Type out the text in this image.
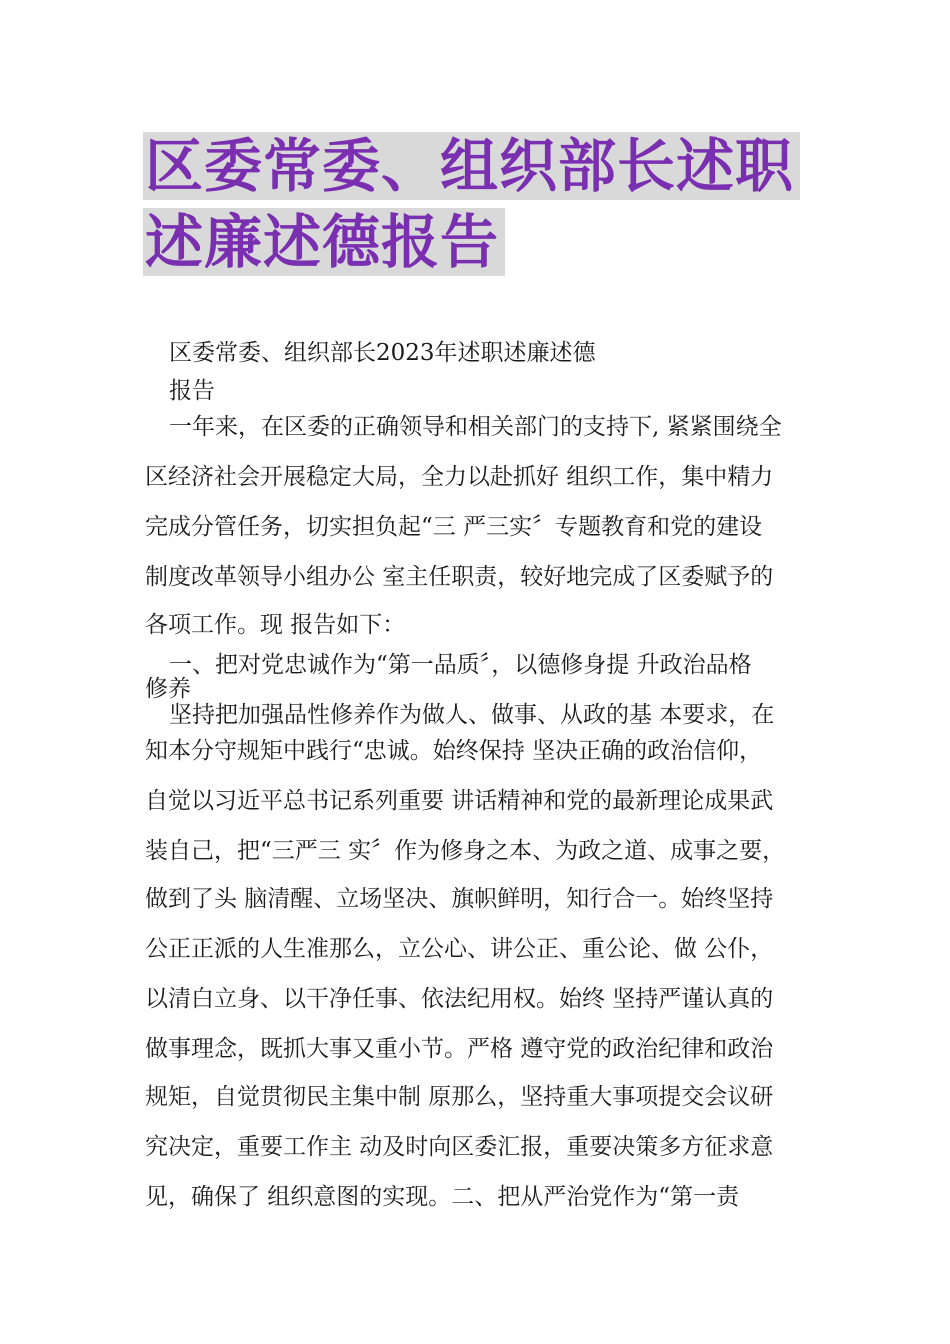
区委常委、组织部长述职
述廉述德报告
区委常委、组织部长2023年述职述廉述德
报告
一年来，在区委的正确领导和相关部门的支持下, 紧紧围绕全
区经济社会开展稳定大局，全力以赴抓好 组织工作，集中精力
完成分管任务，切实担负起“三 严三实〞专题教育和党的建设
制度改革领导小组办公 室主任职责，较好地完成了区委赋予的
各项工作。现 报告如下：
一、把对党忠诚作为“第一品质〞，以德修身提 升政治品格
修养
坚持把加强品性修养作为做人、做事、从政的基 本要求，在
知本分守规矩中践行“忠诚。始终保持 坚决正确的政治信仰，
自觉以习近平总书记系列重要 讲话精神和党的最新理论成果武
装自己，把“三严三 实〞作为修身之本、为政之道、成事之要，
做到了头 脑清醒、立场坚决、旗帜鲜明，知行合一。始终坚持
公正正派的人生准那么，立公心、讲公正、重公论、做 公仆，
以清白立身、以干净任事、依法纪用权。始终 坚持严谨认真的
做事理念，既抓大事又重小节。严格 遵守党的政治纪律和政治
规矩，自觉贯彻民主集中制 原那么，坚持重大事项提交会议研
究决定，重要工作主 动及时向区委汇报，重要决策多方征求意
见，确保了 组织意图的实现。二、把从严治党作为“第一责
